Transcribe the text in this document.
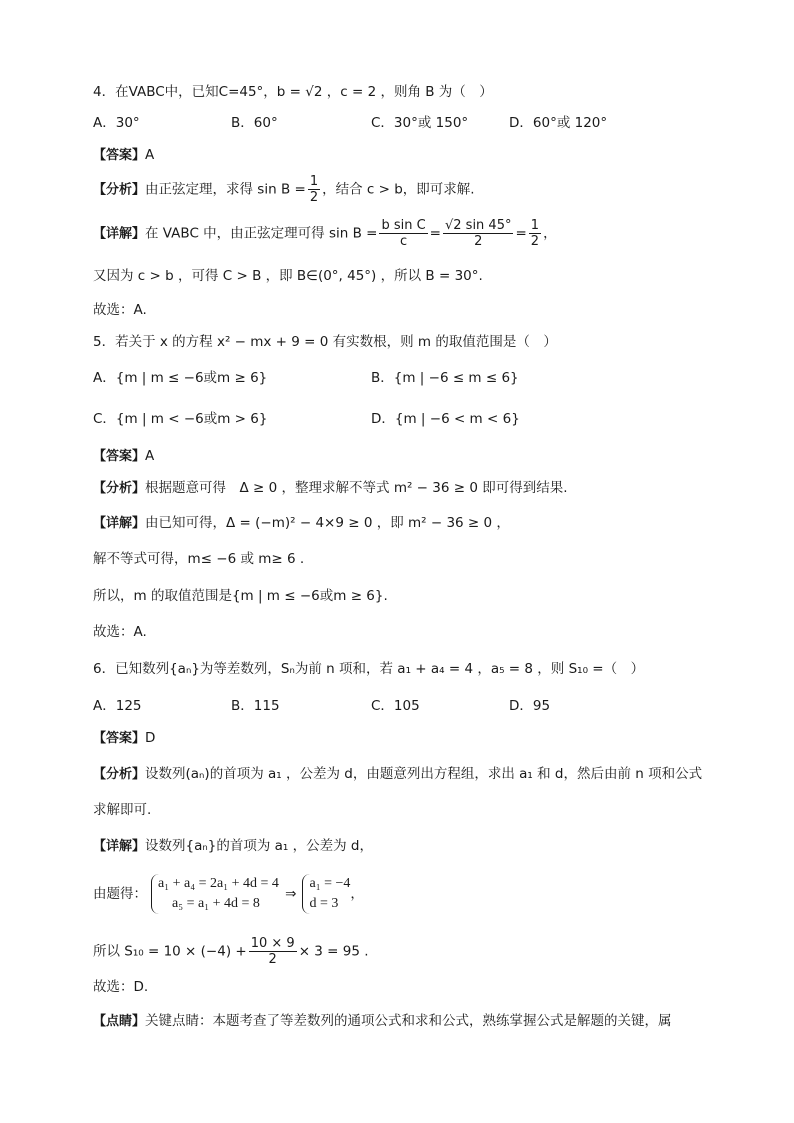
4．在VABC中，已知C=45°，b = √2 ，c = 2 ，则角 B 为（　）
A．30°	B．60°	C．30°或 150°	D．60°或 120°
【答案】A
【分析】由正弦定理，求得 $\sin B = \frac{1}{2}$ ，结合 c > b，即可求解.
【详解】在 VABC 中，由正弦定理可得 $\sin B = \frac{\text{b sin C}}{c} = \frac{√2 \sin 45^\circ}{2} = \frac{1}{2}$ ，
又因为 c > b ，可得 C > B ，即 B∈(0°, 45°) ，所以 B = 30°.
故选：A.
5．若关于 x 的方程 x² − mx + 9 = 0 有实数根，则 m 的取值范围是（　）
A．{m | m ≤ −6或m ≥ 6}	B．{m | −6 ≤ m ≤ 6}
C．{m | m < −6或m > 6}	D．{m | −6 < m < 6}
【答案】A
【分析】根据题意可得　Δ ≥ 0 ，整理求解不等式 m² − 36 ≥ 0 即可得到结果.
【详解】由已知可得，Δ = (−m)² − 4×9 ≥ 0 ，即 m² − 36 ≥ 0 ，
解不等式可得，m≤ −6 或 m≥ 6 .
所以，m 的取值范围是{m | m ≤ −6或m ≥ 6}.
故选：A.
6．已知数列{aₙ}为等差数列，Sₙ为前 n 项和，若 a₁ + a₄ = 4 ，a₅ = 8 ，则 S₁₀ =（　）
A．125	B．115	C．105	D．95
【答案】D
【分析】设数列(aₙ)的首项为 a₁ ，公差为 d，由题意列出方程组，求出 a₁ 和 d，然后由前 n 项和公式
求解即可.
【详解】设数列{aₙ}的首项为 a₁ ，公差为 d，
由题得：
a₁ + a₄ = 2a₁ + 4d = 4
a₅ = a₁ + 4d = 8
⇒
a₁ = −4
d = 3
，
所以 $S_{10} = 10 \times (-4) + \frac{10 \times 9}{2} \times 3 = 95$ .
故选：D.
【点睛】关键点睛：本题考查了等差数列的通项公式和求和公式，熟练掌握公式是解题的关键，属
